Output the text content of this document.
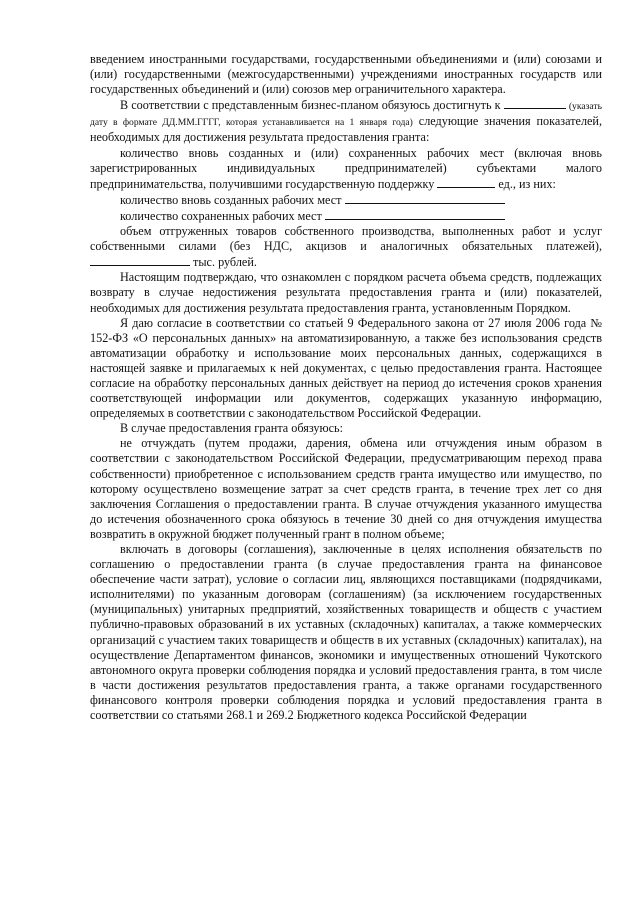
введением иностранными государствами, государственными объединениями и (или) союзами и (или) государственными (межгосударственными) учреждениями иностранных государств или государственных объединений и (или) союзов мер ограничительного характера.

В соответствии с представленным бизнес-планом обязуюсь достигнуть к	(указать дату в формате ДД.ММ.ГГГГ, которая устанавливается на 1 января года) следующие значения показателей, необходимых для достижения результата предоставления гранта:

количество вновь созданных и (или) сохраненных рабочих мест (включая вновь зарегистрированных индивидуальных предпринимателей) субъектами малого предпринимательства, получившими государственную поддержку	ед., из них:

количество вновь созданных рабочих мест

количество сохраненных рабочих мест

объем отгруженных товаров собственного производства, выполненных работ и услуг собственными силами (без НДС, акцизов и аналогичных обязательных платежей),  тыс. рублей.

Настоящим подтверждаю, что ознакомлен с порядком расчета объема средств, подлежащих возврату в случае недостижения результата предоставления гранта и (или) показателей, необходимых для достижения результата предоставления гранта, установленным Порядком.

Я даю согласие в соответствии со статьей 9 Федерального закона от 27 июля 2006 года № 152-ФЗ «О персональных данных» на автоматизированную, а также без использования средств автоматизации обработку и использование моих персональных данных, содержащихся в настоящей заявке и прилагаемых к ней документах, с целью предоставления гранта. Настоящее согласие на обработку персональных данных действует на период до истечения сроков хранения соответствующей информации или документов, содержащих указанную информацию, определяемых в соответствии с законодательством Российской Федерации.

В случае предоставления гранта обязуюсь:

не отчуждать (путем продажи, дарения, обмена или отчуждения иным образом в соответствии с законодательством Российской Федерации, предусматривающим переход права собственности) приобретенное с использованием средств гранта имущество или имущество, по которому осуществлено возмещение затрат за счет средств гранта, в течение трех лет со дня заключения Соглашения о предоставлении гранта. В случае отчуждения указанного имущества до истечения обозначенного срока обязуюсь в течение 30 дней со дня отчуждения имущества возвратить в окружной бюджет полученный грант в полном объеме;

включать в договоры (соглашения), заключенные в целях исполнения обязательств по соглашению о предоставлении гранта (в случае предоставления гранта на финансовое обеспечение части затрат), условие о согласии лиц, являющихся поставщиками (подрядчиками, исполнителями) по указанным договорам (соглашениям) (за исключением государственных (муниципальных) унитарных предприятий, хозяйственных товариществ и обществ с участием публично-правовых образований в их уставных (складочных) капиталах, а также коммерческих организаций с участием таких товариществ и обществ в их уставных (складочных) капиталах), на осуществление Департаментом финансов, экономики и имущественных отношений Чукотского автономного округа проверки соблюдения порядка и условий предоставления гранта, в том числе в части достижения результатов предоставления гранта, а также органами государственного финансового контроля проверки соблюдения порядка и условий предоставления гранта в соответствии со статьями 268.1 и 269.2 Бюджетного кодекса Российской Федерации
